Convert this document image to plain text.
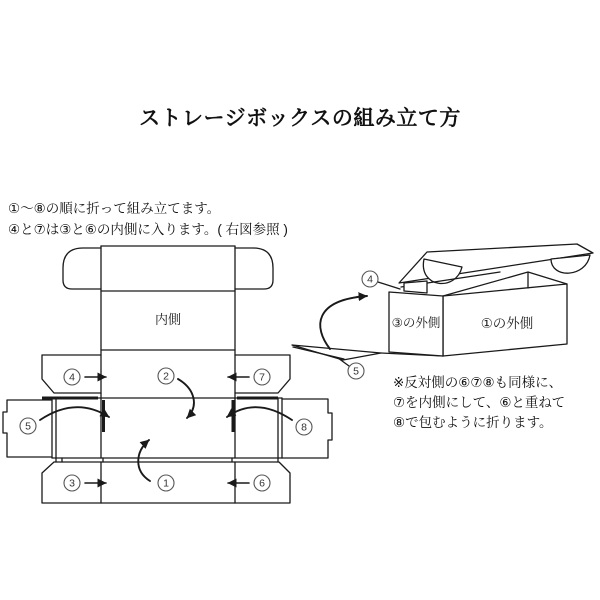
ストレージボックスの組み立て方
①〜⑧の順に折って組み立てます。
④と⑦は③と⑥の内側に入ります。( 右図参照 )
4	2	7
5	8
3	1	6
内側
4
5
③の外側	①の外側
※反対側の⑥⑦⑧も同様に、
⑦を内側にして、⑥と重ねて
⑧で包むように折ります。
